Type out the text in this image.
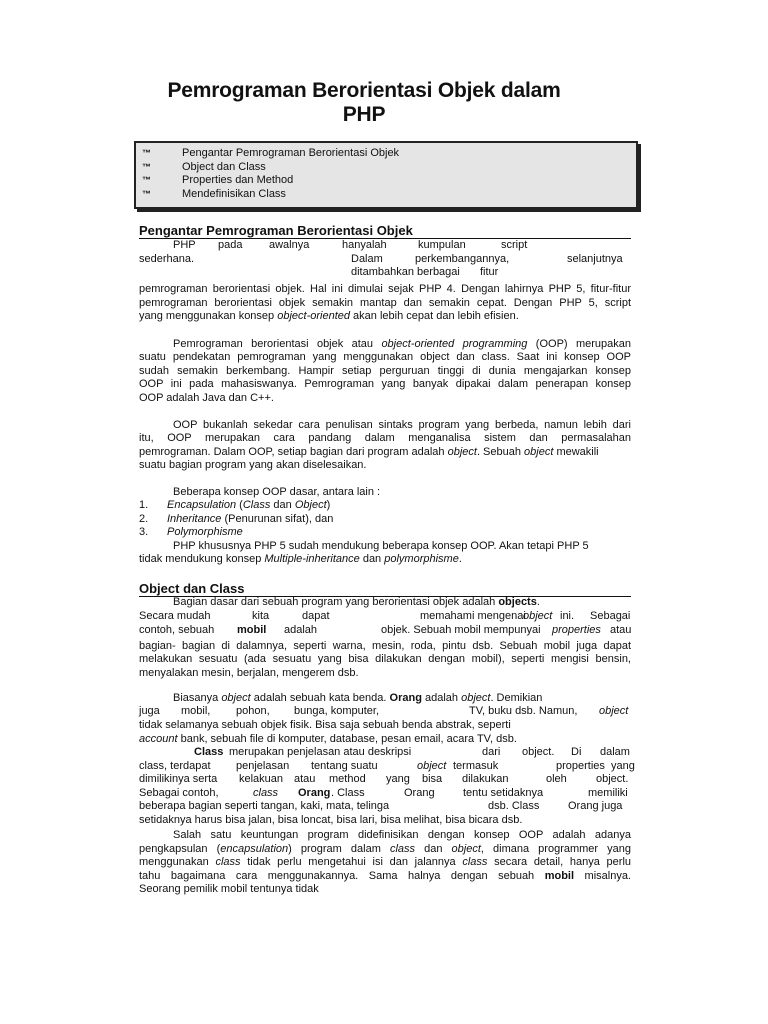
Pemrograman Berorientasi Objek dalam
PHP
™	Pengantar Pemrograman Berorientasi Objek
™	Object dan Class
™	Properties dan Method
™	Mendefinisikan Class
Pengantar Pemrograman Berorientasi Objek
PHP pada awalnya	hanyalah	kumpulan	script
sederhana.	Dalam	perkembangannya,	selanjutnya
ditambahkan berbagai fitur
pemrograman berorientasi objek. Hal ini dimulai sejak PHP 4. Dengan lahirnya PHP 5, fitur-fitur
pemrograman berorientasi objek semakin mantap dan semakin cepat. Dengan PHP 5, script
yang menggunakan konsep object-oriented akan lebih cepat dan lebih efisien.
Pemrograman berorientasi objek atau object-oriented programming (OOP) merupakan
suatu pendekatan pemrograman yang menggunakan object dan class. Saat ini konsep OOP
sudah semakin berkembang. Hampir setiap perguruan tinggi di dunia mengajarkan konsep
OOP ini pada mahasiswanya. Pemrograman yang banyak dipakai dalam penerapan konsep
OOP adalah Java dan C++.
OOP bukanlah sekedar cara penulisan sintaks program yang berbeda, namun lebih dari
itu, OOP merupakan cara pandang dalam menganalisa sistem dan permasalahan
pemrograman. Dalam OOP, setiap bagian dari program adalah object. Sebuah object mewakili
suatu bagian program yang akan diselesaikan.
Beberapa konsep OOP dasar, antara lain :
1. Encapsulation (Class dan Object)
2. Inheritance (Penurunan sifat), dan
3. Polymorphisme
PHP khususnya PHP 5 sudah mendukung beberapa konsep OOP. Akan tetapi PHP 5
tidak mendukung konsep Multiple-inheritance dan polymorphisme.
Object dan Class
Bagian dasar dari sebuah program yang berorientasi objek adalah objects.
Secara mudah	kita	dapat	memahami mengenai
object ini. Sebagai
contoh, sebuah mobil adalah	objek. Sebuah mobil mempunyai properties atau
bagian- bagian di dalamnya, seperti warna, mesin, roda, pintu dsb. Sebuah mobil juga dapat
melakukan sesuatu (ada sesuatu yang bisa dilakukan dengan mobil), seperti mengisi bensin,
menyalakan mesin, berjalan, mengerem dsb.
Biasanya object adalah sebuah kata benda. Orang adalah object. Demikian
juga mobil, pohon, bunga, komputer,	TV, buku dsb. Namun, object
tidak selamanya sebuah objek fisik. Bisa saja sebuah benda abstrak, seperti
account bank, sebuah file di komputer, database, pesan email, acara TV, dsb.
Class merupakan penjelasan atau deskripsi	dari object. Di dalam
class, terdapat penjelasan tentang suatu	object termasuk	properties yang
dimilikinya serta kelakuan atau method yang bisa dilakukan	oleh	object.
Sebagai contoh,	class Orang . Class	Orang	tentu setidaknya	memiliki
beberapa bagian seperti tangan, kaki, mata, telinga	dsb. Class	Orang juga
setidaknya harus bisa jalan, bisa loncat, bisa lari, bisa melihat, bisa bicara dsb.
Salah satu keuntungan program didefinisikan dengan konsep OOP adalah adanya
pengkapsulan (encapsulation) program dalam class dan object, dimana programmer yang
menggunakan class tidak perlu mengetahui isi dan jalannya class secara detail, hanya perlu
tahu bagaimana cara menggunakannya. Sama halnya dengan sebuah mobil misalnya.
Seorang pemilik mobil tentunya tidak
